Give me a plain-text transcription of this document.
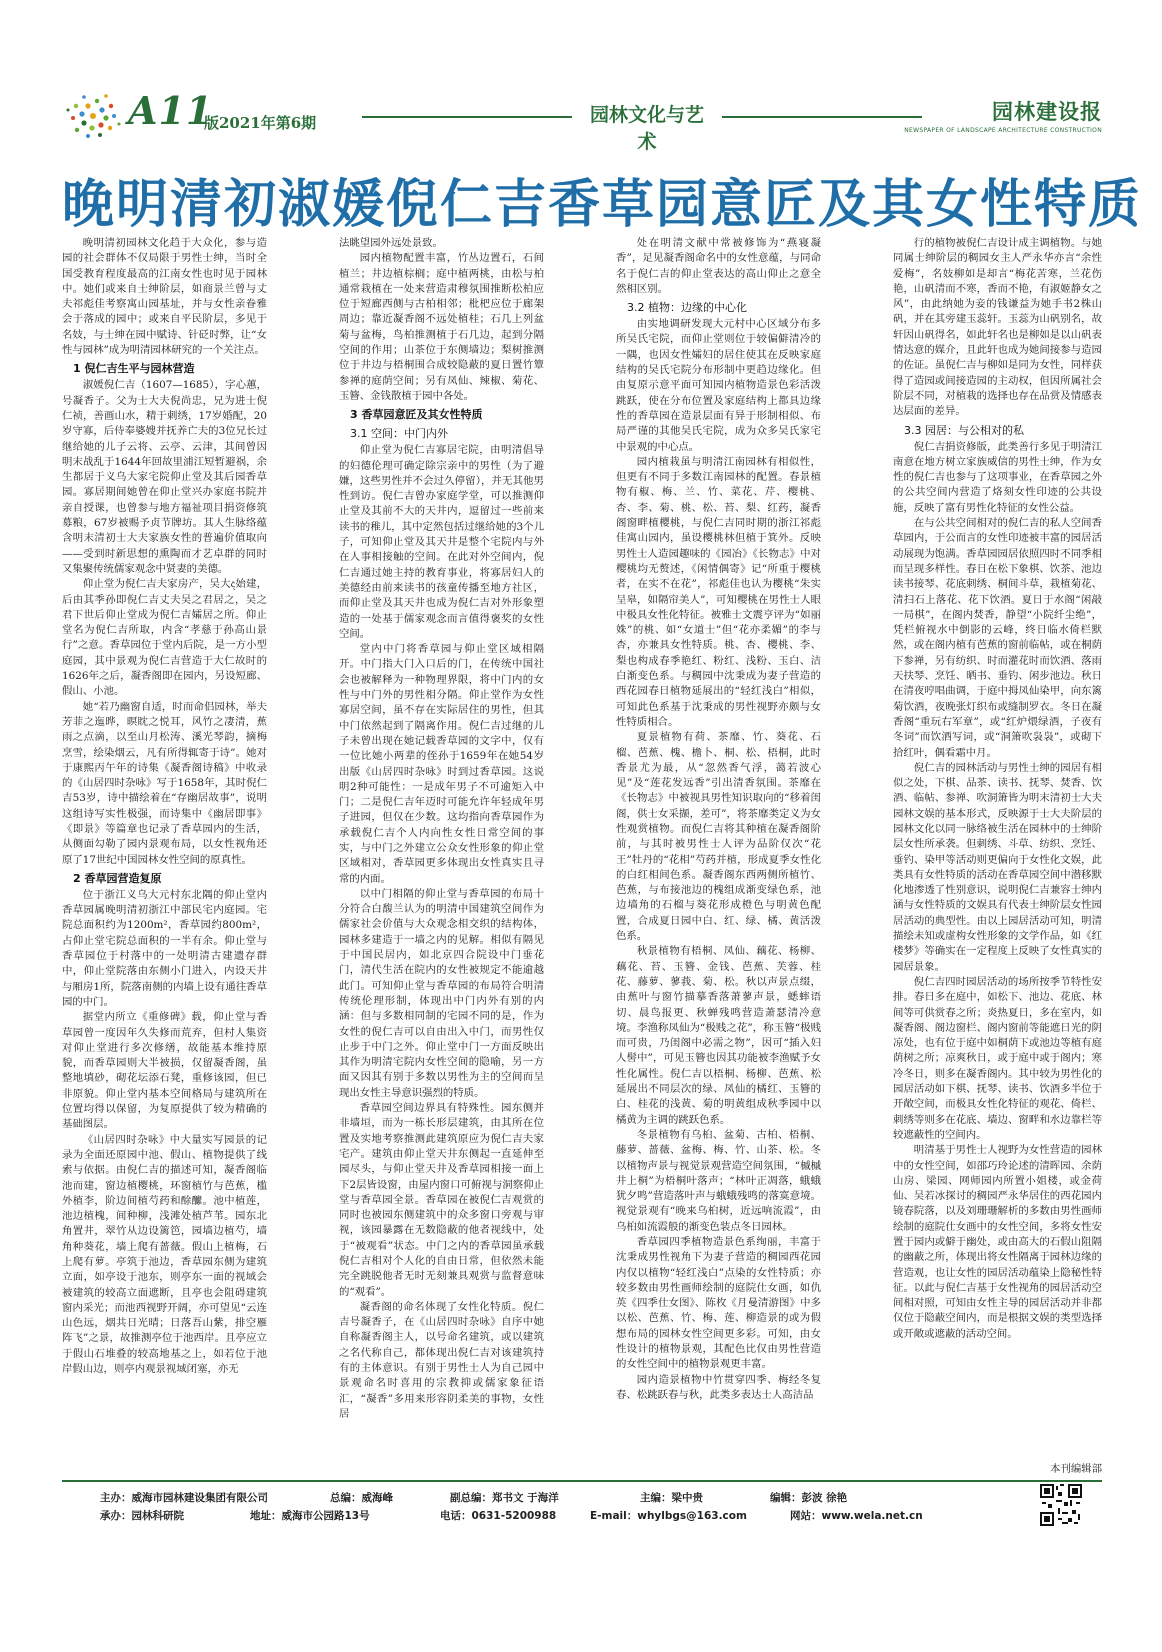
A11
版2021年第6期	园林文化与艺术
园林建设报
NEWSPAPER OF LANDSCAPE ARCHITECTURE CONSTRUCTION
晚明清初淑媛倪仁吉香草园意匠及其女性特质

晚明清初园林文化趋于大众化，参与造园的社会群体不仅局限于男性士绅，当时全国受教育程度最高的江南女性也时见于园林中。她们或来自士绅阶层，如商景兰曾与丈夫祁彪佳考察寓山园基址，并与女性亲眷雅会于落成的园中；或来自平民阶层，多见于名妓，与士绅在园中赋诗、针砭时弊，让“女性与园林”成为明清园林研究的一个关注点。

1 倪仁吉生平与园林营造

淑媛倪仁吉（1607—1685），字心蕙，号凝香子。父为士大夫倪尚忠，兄为进士倪仁祯，善画山水，精于刺绣，17岁婚配，20岁守寡，后侍奉婆嫂并抚养亡夫的3位兄长过继给她的儿子云将、云亭、云津，其间曾因明末战乱于1644年回故里浦江短暂避祸，余生都居于义乌大家宅院仰止堂及其后园香草园。寡居期间她曾在仰止堂兴办家庭书院并亲自授课，也曾参与地方福祉项目捐资修筑募粮，67岁被赐予贞节牌坊。其人生脉络蕴含明末清初士大夫家族女性的普遍价值取向——受到时新思想的熏陶而才艺卓群的同时又集聚传统儒家观念中贤妻的美德。

仰止堂为倪仁吉夫家房产，吴大ද始建，后由其季孙即倪仁吉丈夫吴之君居之，吴之君下世后仰止堂成为倪仁吉孀居之所。仰止堂名为倪仁吉所取，内含“孝慈于孙高山景行”之意。香草园位于堂内后院，是一方小型庭园，其中景观为倪仁吉营造于大仁故时的1626年之后，凝香阁即在园内，另设短廊、假山、小池。

她“若乃幽窗自适，时而命侣园林，举夫芳菲之迤晔，暝眈之悦耳，风竹之凄清，蕉雨之点滴，以至山月松涛、溪光琴韵，摘梅烹雪，绘染烟云，凡有所得辄寄于诗”。她对于康熙丙午年的诗集《凝香阁诗稿》中收录的《山居四时杂咏》写于1658年，其时倪仁吉53岁，诗中描绘着在“存幽居故事”，说明这组诗写实性极强，而诗集中《幽居即事》《即景》等篇章也记录了香草园内的生活，从侧面勾勒了园内景观布局，以女性视角还原了17世纪中国园林女性空间的原真性。

2 香草园营造复原

位于浙江义乌大元村东北隅的仰止堂内香草园属晚明清初浙江中部民宅内庭园。宅院总面积约为1200m²，香草园约800m²，占仰止堂宅院总面积的一半有余。仰止堂与香草园位于村落中的一处明清古建遗存群中，仰止堂院落由东侧小门进入，内设天井与厢房1所，院落南侧的内墙上设有通往香草园的中门。

据堂内所立《重修碑》载，仰止堂与香草园曾一度因年久失修而荒弃，但村人集资对仰止堂进行多次修缮，故能基本维持原貌，而香草园则大半被损，仅留凝香阁，虽整地填砂，砌花坛添石凳，重修该园，但已非原貌。仰止堂内基本空间格局与建筑所在位置均得以保留，为复原提供了较为精确的基础图层。

《山居四时杂咏》中大量实写园景的记录为全面还原园中池、假山、植物提供了线索与依据。由倪仁吉的描述可知，凝香阁临池而建，窗边植樱桃，环窗植竹与芭蕉，槛外植李，阶边间植芍药和酴醿。池中植莲，池边植槐，间种柳，浅滩处植芦苇。园东北角置井，翠竹从边设篱笆，园墙边植芍，墙角种葵花，墙上爬有蔷薇。假山上植梅，石上爬有萝。亭筑于池边，香草园东侧为建筑立面，如亭设于池东，则亭东一面的视域会被建筑的较高立面遮断，且亭也会阻碍建筑窗内采光；而池西视野开阔，亦可望见“云连山色远，烟共日光晴；日落吾山紫，排空雁阵飞”之景，故推测亭位于池西岸。且亭应立于假山石堆叠的较高地基之上，如若位于池岸假山边，则亭内观景视域闭塞，亦无

法眺望园外远处景致。

园内植物配置丰富，竹丛边置石，石间植兰；井边植棕榈；庭中植两桃，由松与柏通常栽植在一处来营造肃穆氛围推断松柏应位于短廊西侧与古柏相邻；枇杷应位于廊架周边；靠近凝香阁不远处植桂；石几上列盆菊与盆梅，鸟柏推测植于石几边，起到分隔空间的作用；山茶位于东侧墙边；梨树推测位于井边与梧桐围合成较隐蔽的夏日置竹簟参禅的庭荫空间；另有凤仙、辣椒、菊花、玉簪、金钱散植于园中各处。

3 香草园意匠及其女性特质
3.1 空间：中门内外

仰止堂为倪仁吉寡居宅院，由明清倡导的妇德伦理可确定除宗亲中的男性（为了避嫌，这些男性并不会过久停留），并无其他男性到访。倪仁吉曾办家庭学堂，可以推测仰止堂及其前不大的天井内，逗留过一些前来读书的稚儿，其中定然包括过继给她的3个儿子，可知仰止堂及其天井是整个宅院内与外在人事相接触的空间。在此对外空间内，倪仁吉通过她主持的教育事业，将寡居妇人的美德经由前来读书的孩童传播至地方社区，而仰止堂及其天井也成为倪仁吉对外形象塑造的一处基于儒家观念而言值得褒奖的女性空间。

堂内中门将香草园与仰止堂区域相隔开。中门指大门入口后的门，在传统中国社会也被解释为一种物理界限，将中门内的女性与中门外的男性相分隔。仰止堂作为女性寡居空间，虽不存在实际居住的男性，但其中门依然起到了隔离作用。倪仁吉过继的儿子未曾出现在她记载香草园的文字中，仅有一位比她小两辈的侄孙于1659年在她54岁出版《山居四时杂咏》时到过香草园。这说明2种可能性：一是成年男子不可逾矩入中门；二是倪仁吉年迈时可能允许年轻成年男子进园，但仅在少数。这均指向香草园作为承载倪仁吉个人内向性女性日常空间的事实，与中门之外建立公众女性形象的仰止堂区域相对，香草园更多体现出女性真实且寻常的内面。

以中门相隔的仰止堂与香草园的布局十分符合白馥兰认为的明清中国建筑空间作为儒家社会价值与大众观念相交织的结构体，园林多建造于一墙之内的见解。相似有隔见于中国民居内，如北京四合院设中门垂花门，清代生活在院内的女性被规定不能逾越此门。可知仰止堂与香草园的布局符合明清传统伦理形制，体现出中门内外有别的内涵：但与多数相同制的宅园不同的是，作为女性的倪仁吉可以自由出入中门，而男性仅止步于中门之外。仰止堂中门一方面反映出其作为明清宅院内女性空间的隐喻，另一方面又因其有别于多数以男性为主的空间而呈现出女性主导意识强烈的特质。

香草园空间边界具有特殊性。园东侧并非墙垣，而为一栋长形层建筑，由其所在位置及实地考察推测此建筑原应为倪仁吉夫家宅产。建筑由仰止堂天井东侧起一直延伸至园尽头，与仰止堂天井及香草园相接一面上下2层皆设窗，由屋内窗口可俯视与洞察仰止堂与香草园全景。香草园在被倪仁吉观赏的同时也被园东侧建筑中的众多窗口旁观与审视，该园暴露在无数隐蔽的他者视线中，处于“被观看”状态。中门之内的香草园虽承载倪仁吉相对个人化的自由日常，但依然未能完全跳脱他者无时无刻兼具观赏与监督意味的“观看”。

凝香阁的命名体现了女性化特质。倪仁吉号凝香子，在《山居四时杂咏》自序中她自称凝香阁主人，以号命名建筑，或以建筑之名代称自己，都体现出倪仁吉对该建筑持有的主体意识。有别于男性士人为自己园中景观命名时喜用的宗教抑或儒家象征语汇，“凝香”多用来形容阴柔美的事物，女性居

处在明清文献中常被修饰为“燕寝凝香”，足见凝香阁命名中的女性意蕴，与同命名于倪仁吉的仰止堂表达的高山仰止之意全然相区别。

3.2 植物：边缘的中心化

由实地调研发现大元村中心区域分布多所吴氏宅院，而仰止堂则位于较偏僻清冷的一隅，也因女性孀妇的居住使其在反映家庭结构的吴氏宅院分布形制中更趋边缘化。但由复原示意平面可知园内植物造景色彩活泼跳跃，使在分布位置及家庭结构上都具边缘性的香草园在造景层面有异于形制相似、布局严谨的其他吴氏宅院，成为众多吴氏家宅中景观的中心点。

园内植栽虽与明清江南园林有相似性，但更有不同于多数江南园林的配置。春景植物有椒、梅、兰、竹、菜花、芹、樱桃、杏、李、菊、桃、松、苔、梨、红药，凝香阁窗畔植樱桃，与倪仁吉同时期的浙江祁彪佳寓山园内，虽设樱桃林但植于箕外。反映男性士人造园趣味的《园冶》《长物志》中对樱桃均无赘述，《闲情偶寄》记“所重于樱桃者，在实不在花”，祁彪佳也认为樱桃“朱实呈皋，如隔帘美人”，可知樱桃在男性士人眼中极具女性化特征。被雅士文震亨评为“如丽姝”的桃、如“女道士”但“花亦柔媚”的李与杏，亦兼具女性特质。桃、杏、樱桃、李、梨也构成春季艳红、粉红、浅粉、玉白、洁白渐变色系。与稠园中沈秉成为妻子营造的西花园春日植物延展出的“轻红浅白”相似，可知此色系基于沈秉成的男性视野亦颇与女性特质相合。

夏景植物有荷、茶靡、竹、葵花、石榴、芭蕉、槐、檐卜、桐、松、梧桐，此时香景尤为最，从“忽然香气浮，蔼若波心见”及“莲花发远香”引出清香氛围。茶靡在《长物志》中被视具男性知识取向的“移着闺阁，供士女采撷，差可”，将茶靡类定义为女性观赏植物。而倪仁吉将其种植在凝香阁阶前，与其时被男性士人评为品阶仅次“花王”牡丹的“花相”芍药并植，形成夏季女性化的白红相间色系。凝香阁东西两侧所植竹、芭蕉，与布接池边的槐组成渐变绿色系，池边墙角的石榴与葵花形成橙色与明黄色配置，合成夏日园中白、红、绿、橘、黄活泼色系。

秋景植物有梧桐、凤仙、藕花、杨柳、藕花、苔、玉簪、金钱、芭蕉、芙蓉、桂花、藤萝、蓼莪、菊、松。秋以声景点缀，由蕉叶与窗竹描摹香落萧蓼声景，蟋蟀语切、晨鸟报更、秋蝉残鸣营造萧瑟清冷意境。李渔称凤仙为“极贱之花”，称玉簪“极贱而可贵，乃闺阁中必需之物”，因可“插入妇人髻中”，可见玉簪也因其功能被李渔赋予女性化属性。倪仁吉以梧桐、杨柳、芭蕉、松延展出不同层次的绿、凤仙的橘红、玉簪的白、桂花的浅黄、菊的明黄组成秋季园中以橘黄为主调的跳跃色系。

冬景植物有乌桕、盆菊、古柏、梧桐、藤萝、蔷薇、盆梅、梅、竹、山茶、松。冬以植物声景与视觉景观营造空间氛围，“槭槭井上桐”为梧桐叶落声；“林叶正凋落，蛾蛾犹夕鸣”营造落叶声与蛾蛾残鸣的落寞意境。视觉景观有“晚来乌桕树，近远响流霞”，由乌桕如流霞般的渐变色装点冬日园林。

香草园四季植物造景色系绚丽，丰富于沈秉成男性视角下为妻子营造的稠园西花园内仅以植物“轻红浅白”点染的女性特质；亦较多数由男性画师绘制的庭院仕女画，如仇英《四季仕女图》、陈枚《月曼清游图》中多以松、芭蕉、竹、梅、莲、柳造景的或为假想布局的园林女性空间更多彩。可知，由女性设计的植物景观，其配色比仅由男性营造的女性空间中的植物景观更丰富。

园内造景植物中竹贯穿四季、梅经冬复春、松跳跃春与秋，此类多表达士人高洁品

行的植物被倪仁吉设计成主调植物。与她同属士绅阶层的稠园女主人严永华亦言“余性爱梅”，名妓柳如是却言“梅花苦寒，兰花伤艳，山矾清而不寒，香而不艳，有淑姬静女之风”，由此纳她为妾的钱谦益为她手书2株山矾，并在其旁建玉蕊轩。玉蕊为山矾别名，故轩因山矾得名，如此轩名也是柳如是以山矾表情达意的媒介，且此轩也成为她间接参与造园的佐证。虽倪仁吉与柳如是同为女性，同样获得了造园或间接造园的主动权，但因所属社会阶层不同，对植栽的选择也存在品赏及情感表达层面的差异。

3.3 园居：与公相对的私

倪仁吉捐资修版，此类善行多见于明清江南意在地方树立家族威信的男性士绅，作为女性的倪仁吉也参与了这项事业，在香草园之外的公共空间内营造了烙刻女性印迹的公共设施，反映了富有男性化特征的女性公益。

在与公共空间相对的倪仁吉的私人空间香草园内，于公而言的女性印迹被丰富的园居活动展现为饱满。香草园园居依照四时不同季相而呈现多样性。春日在松下象棋、饮茶、池边读书接琴、花底刺绣、桐间斗草，栽植菊花、清扫石上落花、花下饮酒。夏日于水阁“闲敲一局棋”，在阁内焚香，静望“小院纤尘绝”，凭栏俯视水中倒影的云峰，终日临水倚栏默然，或在阁内植有芭蕉的窗前临帖，或在桐荫下参禅，另有纺织、时而灌花时而饮酒、落雨天扶琴、烹饪、晒书、垂钓、闲步池边。秋日在清夜哼唱曲调，于庭中拇凤仙染甲，向东篱菊饮酒，夜晚张灯织布或缝制罗衣。冬日在凝香阁“重玩右军章”，或“红炉煨绿酒，子夜有冬词”而饮酒写词，或“洞箫吹袅袅”，或砌下拾红叶，偶看霜中月。

倪仁吉的园林活动与男性士绅的园居有相似之处，下棋、品茶、读书、抚琴、焚香、饮酒、临帖、参禅、吹洞箫皆为明末清初士大夫园林文娱的基本形式，反映源于士大夫阶层的园林文化以同一脉络被生活在园林中的士绅阶层女性所承袭。但刺绣、斗草、纺织、烹饪、垂钓、染甲等活动则更偏向于女性化文娱，此类具有女性特质的活动在香草园空间中潜移默化地渗透了性别意识，说明倪仁吉兼容士绅内涵与女性特质的文娱具有代表士绅阶层女性园居活动的典型性。由以上园居活动可知，明清描绘未知或虚构女性形象的文学作品，如《红楼梦》等确实在一定程度上反映了女性真实的园居景象。

倪仁吉四时园居活动的场所按季节特性安排。春日多在庭中，如松下、池边、花底、林间等可供赏春之所；炎热夏日，多在室内，如凝香阁、阁边窗栏、阁内窗前等能遮日光的阴凉处，也有位于庭中如桐荫下或池边等植有庭荫树之所；凉爽秋日，或于庭中或于阁内；寒冷冬日，则多在凝香阁内。其中较为男性化的园居活动如下棋、抚琴、读书、饮酒多半位于开敞空间，而极具女性化特征的观花、倚栏、刺绣等则多在花底、墙边、窗畔和水边靠栏等较遮蔽性的空间内。

明清基于男性士人视野为女性营造的园林中的女性空间，如邵巧玲论述的清晖园、余荫山房、梁园、网师园内所置小姐楼，或金荷仙、吴若冰探讨的稠园严永华居住的西花园内镜春院落，以及刘珊珊解析的多数由男性画师绘制的庭院仕女画中的女性空间，多将女性安置于园内或僻于幽处，或由高大的石假山阻隔的幽蔽之所，体现出将女性隔离于园林边缘的营造观，也让女性的园居活动蕴染上隐秘性特征。以此与倪仁吉基于女性视角的园居活动空间相对照，可知由女性主导的园居活动并非都仅位于隐蔽空间内，而是根据文娱的类型选择或开敞或遮蔽的活动空间。

本刊编辑部
主办：威海市园林建设集团有限公司	总编：威海峰	副总编：郑书文 于海洋	主编：梁中贵	编辑：彭波 徐艳
承办：园林科研院	地址：威海市公园路13号	电话：0631-5200988	E-mail：whylbgs@163.com	网站：www.wela.net.cn
